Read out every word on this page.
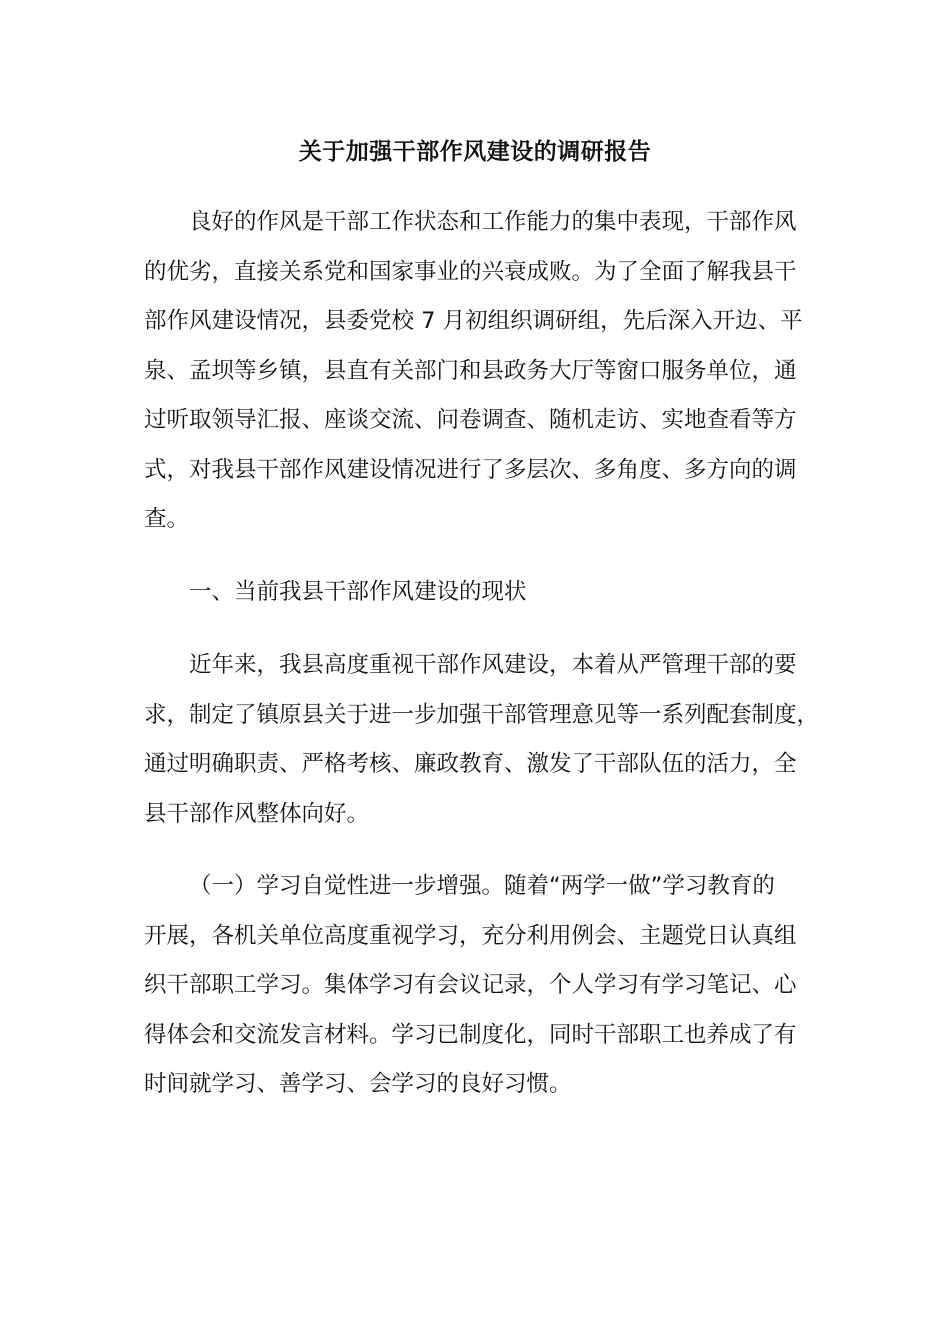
关于加强干部作风建设的调研报告

良好的作风是干部工作状态和工作能力的集中表现，干部作风
的优劣，直接关系党和国家事业的兴衰成败。为了全面了解我县干
部作风建设情况，县委党校 7 月初组织调研组，先后深入开边、平
泉、孟坝等乡镇，县直有关部门和县政务大厅等窗口服务单位，通
过听取领导汇报、座谈交流、问卷调查、随机走访、实地查看等方
式，对我县干部作风建设情况进行了多层次、多角度、多方向的调
查。

一、当前我县干部作风建设的现状

近年来，我县高度重视干部作风建设，本着从严管理干部的要
求，制定了镇原县关于进一步加强干部管理意见等一系列配套制度，
通过明确职责、严格考核、廉政教育、激发了干部队伍的活力，全
县干部作风整体向好。

（一）学习自觉性进一步增强。随着“两学一做”学习教育的
开展，各机关单位高度重视学习，充分利用例会、主题党日认真组
织干部职工学习。集体学习有会议记录，个人学习有学习笔记、心
得体会和交流发言材料。学习已制度化，同时干部职工也养成了有
时间就学习、善学习、会学习的良好习惯。
